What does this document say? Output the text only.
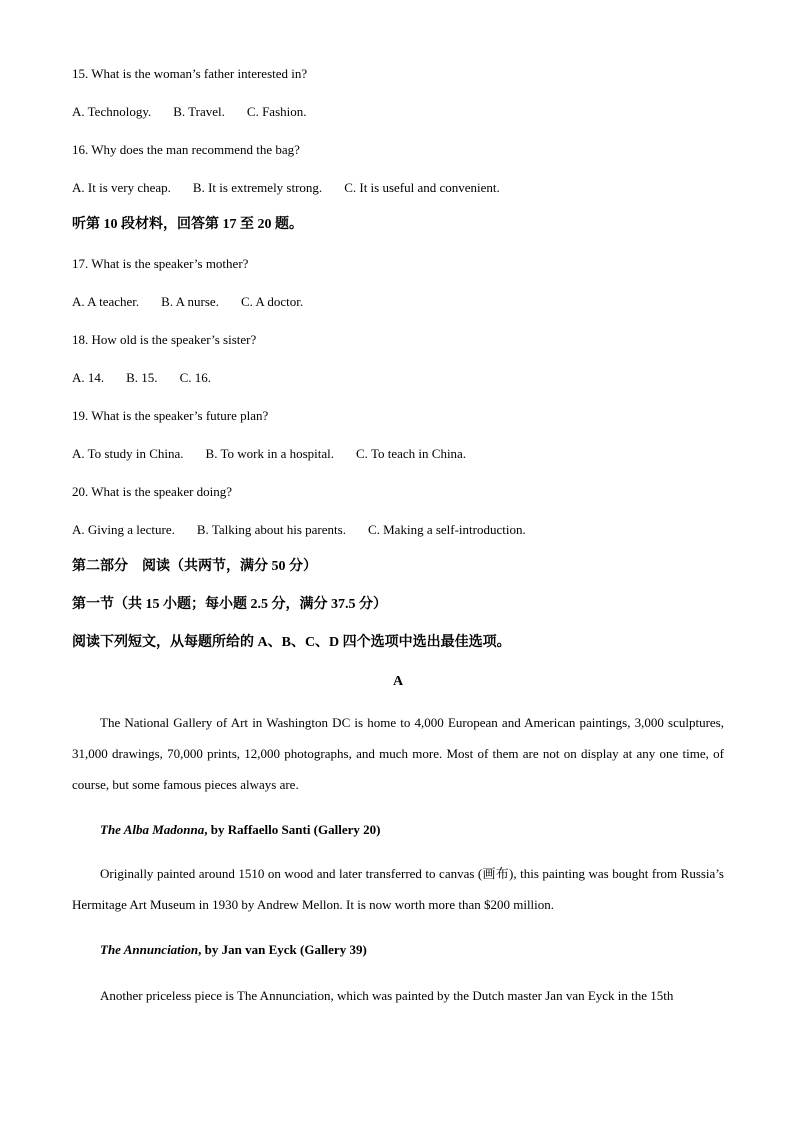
15. What is the woman’s father interested in?
A. Technology. B. Travel. C. Fashion.
16. Why does the man recommend the bag?
A. It is very cheap. B. It is extremely strong. C. It is useful and convenient.
听第 10 段材料，回答第 17 至 20 题。
17. What is the speaker’s mother?
A. A teacher. B. A nurse. C. A doctor.
18. How old is the speaker’s sister?
A. 14. B. 15. C. 16.
19. What is the speaker’s future plan?
A. To study in China. B. To work in a hospital. C. To teach in China.
20. What is the speaker doing?
A. Giving a lecture. B. Talking about his parents. C. Making a self-introduction.
第二部分　阅读（共两节，满分 50 分）
第一节（共 15 小题；每小题 2.5 分，满分 37.5 分）
阅读下列短文，从每题所给的 A、B、C、D 四个选项中选出最佳选项。
A
The National Gallery of Art in Washington DC is home to 4,000 European and American paintings, 3,000 sculptures, 31,000 drawings, 70,000 prints, 12,000 photographs, and much more. Most of them are not on display at any one time, of course, but some famous pieces always are.
The Alba Madonna, by Raffaello Santi (Gallery 20)
Originally painted around 1510 on wood and later transferred to canvas (画布), this painting was bought from Russia’s Hermitage Art Museum in 1930 by Andrew Mellon. It is now worth more than $200 million.
The Annunciation, by Jan van Eyck (Gallery 39)
Another priceless piece is The Annunciation, which was painted by the Dutch master Jan van Eyck in the 15th
